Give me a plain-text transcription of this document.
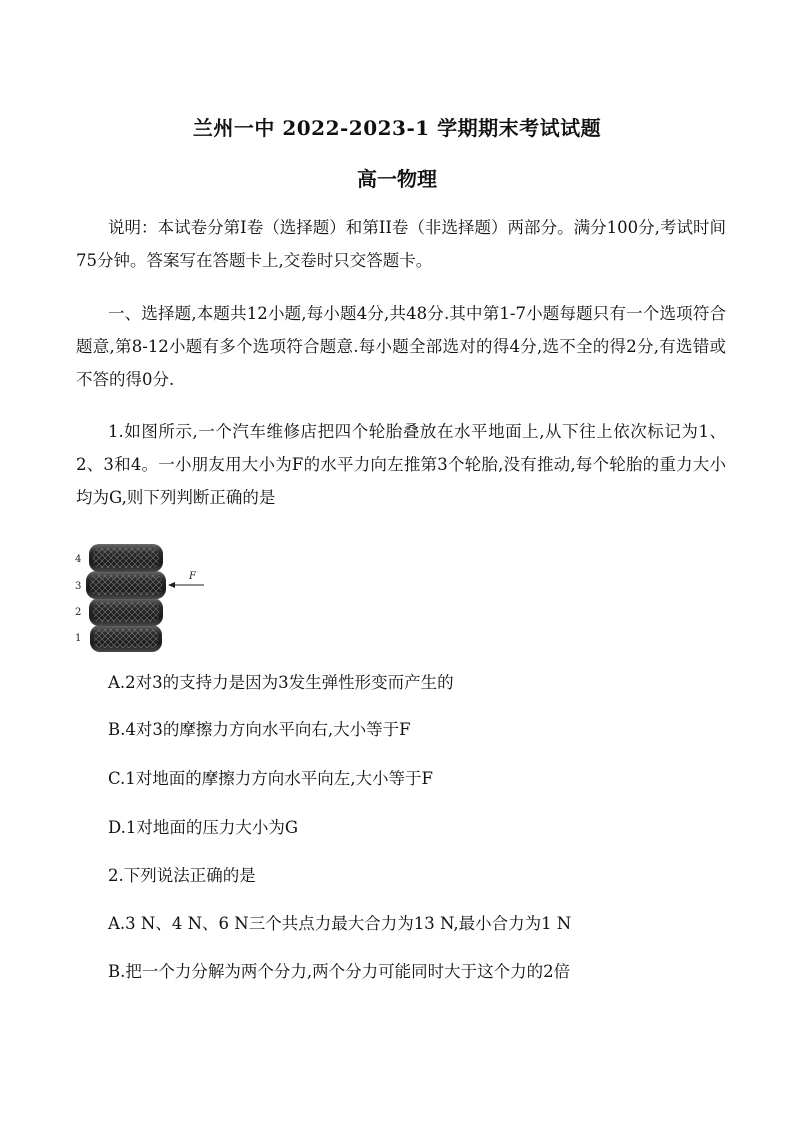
兰州一中 2022-2023-1 学期期末考试试题
高一物理
说明：本试卷分第I卷（选择题）和第II卷（非选择题）两部分。满分100分,考试时间75分钟。答案写在答题卡上,交卷时只交答题卡。
一、选择题,本题共12小题,每小题4分,共48分.其中第1-7小题每题只有一个选项符合题意,第8-12小题有多个选项符合题意.每小题全部选对的得4分,选不全的得2分,有选错或不答的得0分.
1.如图所示,一个汽车维修店把四个轮胎叠放在水平地面上,从下往上依次标记为1、2、3和4。一小朋友用大小为F的水平力向左推第3个轮胎,没有推动,每个轮胎的重力大小均为G,则下列判断正确的是
4
3
2
1
F
A.2对3的支持力是因为3发生弹性形变而产生的
B.4对3的摩擦力方向水平向右,大小等于F
C.1对地面的摩擦力方向水平向左,大小等于F
D.1对地面的压力大小为G
2.下列说法正确的是
A.3 N、4 N、6 N三个共点力最大合力为13 N,最小合力为1 N
B.把一个力分解为两个分力,两个分力可能同时大于这个力的2倍
